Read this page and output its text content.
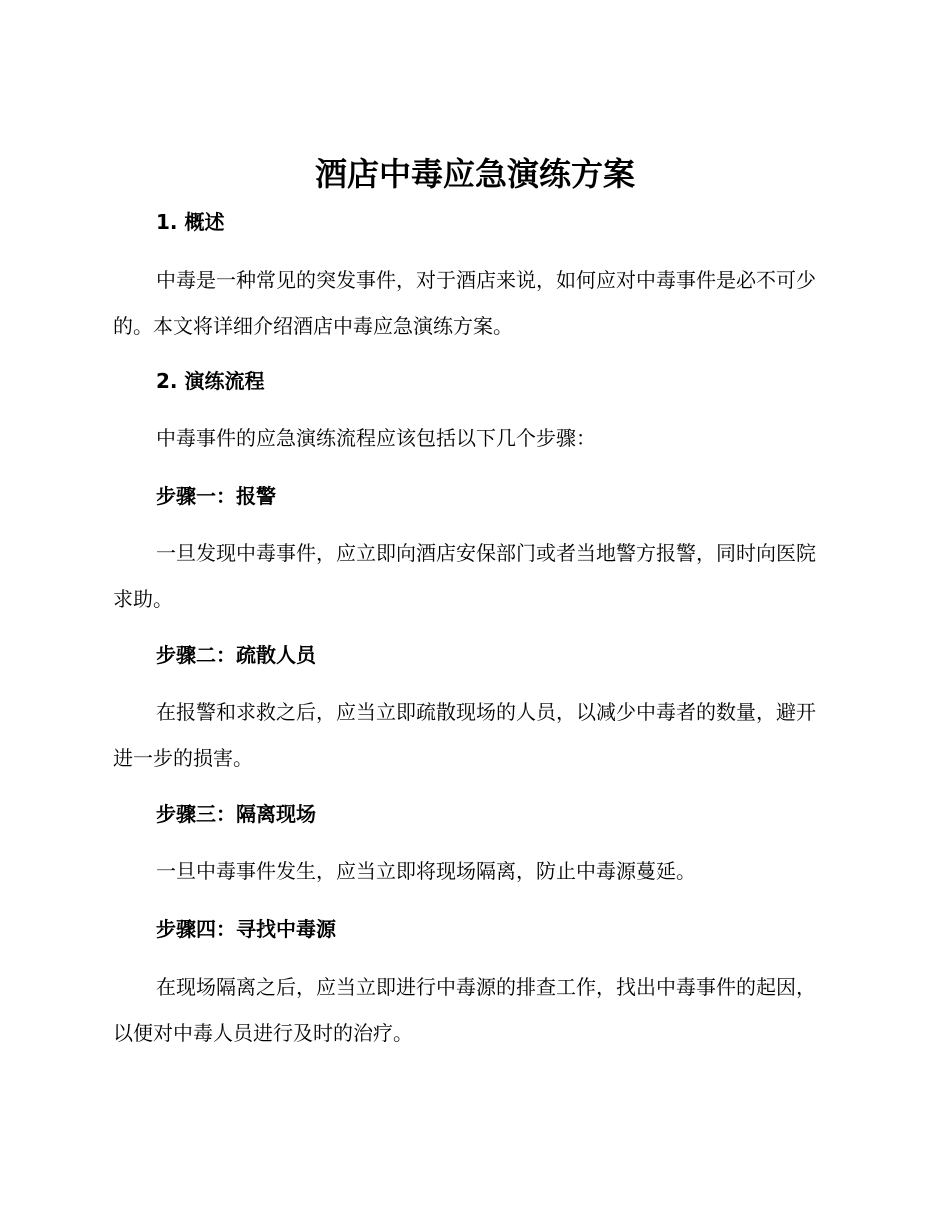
酒店中毒应急演练方案
1. 概述

中毒是一种常见的突发事件，对于酒店来说，如何应对中毒事件是必不可少的。本文将详细介绍酒店中毒应急演练方案。

2. 演练流程

中毒事件的应急演练流程应该包括以下几个步骤：

步骤一：报警

一旦发现中毒事件，应立即向酒店安保部门或者当地警方报警，同时向医院求助。

步骤二：疏散人员

在报警和求救之后，应当立即疏散现场的人员，以减少中毒者的数量，避开进一步的损害。

步骤三：隔离现场

一旦中毒事件发生，应当立即将现场隔离，防止中毒源蔓延。

步骤四：寻找中毒源

在现场隔离之后，应当立即进行中毒源的排查工作，找出中毒事件的起因，以便对中毒人员进行及时的治疗。
